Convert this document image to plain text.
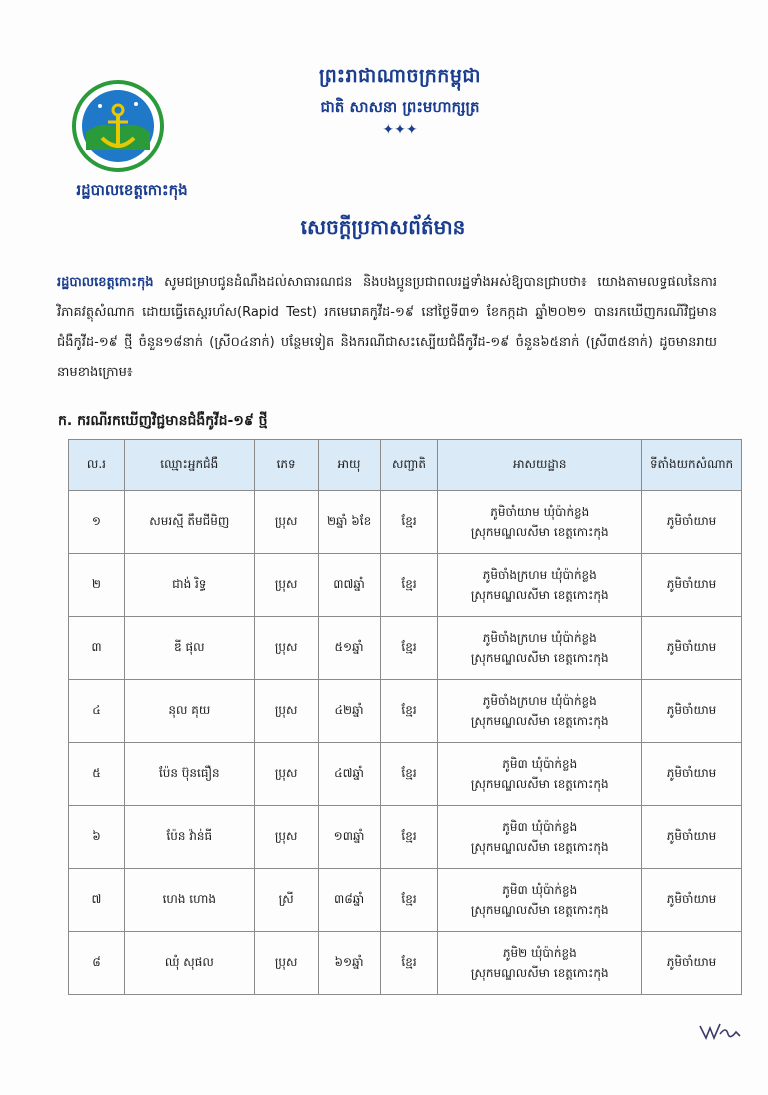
រដ្ឋបាលខេត្តកោះកុង
ព្រះរាជាណាចក្រកម្ពុជា
ជាតិ សាសនា ព្រះមហាក្សត្រ
✦✦✦
សេចក្តីប្រកាសព័ត៌មាន
រដ្ឋបាលខេត្តកោះកុង សូមជម្រាបជូនដំណឹងដល់សាធារណជន និងបងប្អូនប្រជាពលរដ្ឋទាំងអស់ឱ្យបានជ្រាបថា៖ យោងតាមលទ្ធផលនៃការវិភាគវត្ថុសំណាក ដោយធ្វើតេស្តរហ័ស(Rapid Test) រកមេរោគកូវីដ-១៩ នៅថ្ងៃទី៣១ ខែកក្កដា ឆ្នាំ២០២១ បានរកឃើញករណីវិជ្ជមានជំងឺកូវីដ-១៩ ថ្មី ចំនួន១៨នាក់ (ស្រី០៤នាក់) បន្ថែមទៀត និងករណីជាសះស្បើយជំងឺកូវីដ-១៩ ចំនួន៦៥នាក់ (ស្រី៣៥នាក់) ដូចមានរាយនាមខាងក្រោម៖
ក. ករណីរកឃើញវិជ្ជមានជំងឺកូវីដ-១៩ ថ្មី
ល.រ	ឈ្មោះអ្នកជំងឺ	ភេទ	អាយុ	សញ្ជាតិ	អាសយដ្ឋាន	ទីតាំងយកសំណាក
១	សមរស្មី តឹមជីមិញ	ប្រុស	២ឆ្នាំ ៦ខែ	ខ្មែរ	ភូមិចាំយាម ឃុំប៉ាក់ខ្លង
ស្រុកមណ្ឌលសីមា ខេត្តកោះកុង	ភូមិចាំយាម
២	ជាង់ រិទ្ធ	ប្រុស	៣៧ឆ្នាំ	ខ្មែរ	ភូមិចាំងក្រហម ឃុំប៉ាក់ខ្លង
ស្រុកមណ្ឌលសីមា ខេត្តកោះកុង	ភូមិចាំយាម
៣	ឌី ផុល	ប្រុស	៥១ឆ្នាំ	ខ្មែរ	ភូមិចាំងក្រហម ឃុំប៉ាក់ខ្លង
ស្រុកមណ្ឌលសីមា ខេត្តកោះកុង	ភូមិចាំយាម
៤	នុល គុយ	ប្រុស	៤២ឆ្នាំ	ខ្មែរ	ភូមិចាំងក្រហម ឃុំប៉ាក់ខ្លង
ស្រុកមណ្ឌលសីមា ខេត្តកោះកុង	ភូមិចាំយាម
៥	ប៉ែន ប៊ុនធឿន	ប្រុស	៤៧ឆ្នាំ	ខ្មែរ	ភូមិ៣ ឃុំប៉ាក់ខ្លង
ស្រុកមណ្ឌលសីមា ខេត្តកោះកុង	ភូមិចាំយាម
៦	ប៉ែន វ៉ាន់ធី	ប្រុស	១៣ឆ្នាំ	ខ្មែរ	ភូមិ៣ ឃុំប៉ាក់ខ្លង
ស្រុកមណ្ឌលសីមា ខេត្តកោះកុង	ភូមិចាំយាម
៧	ហេង ហោង	ស្រី	៣៨ឆ្នាំ	ខ្មែរ	ភូមិ៣ ឃុំប៉ាក់ខ្លង
ស្រុកមណ្ឌលសីមា ខេត្តកោះកុង	ភូមិចាំយាម
៨	ឈុំ សុផល	ប្រុស	៦១ឆ្នាំ	ខ្មែរ	ភូមិ២ ឃុំប៉ាក់ខ្លង
ស្រុកមណ្ឌលសីមា ខេត្តកោះកុង	ភូមិចាំយាម
